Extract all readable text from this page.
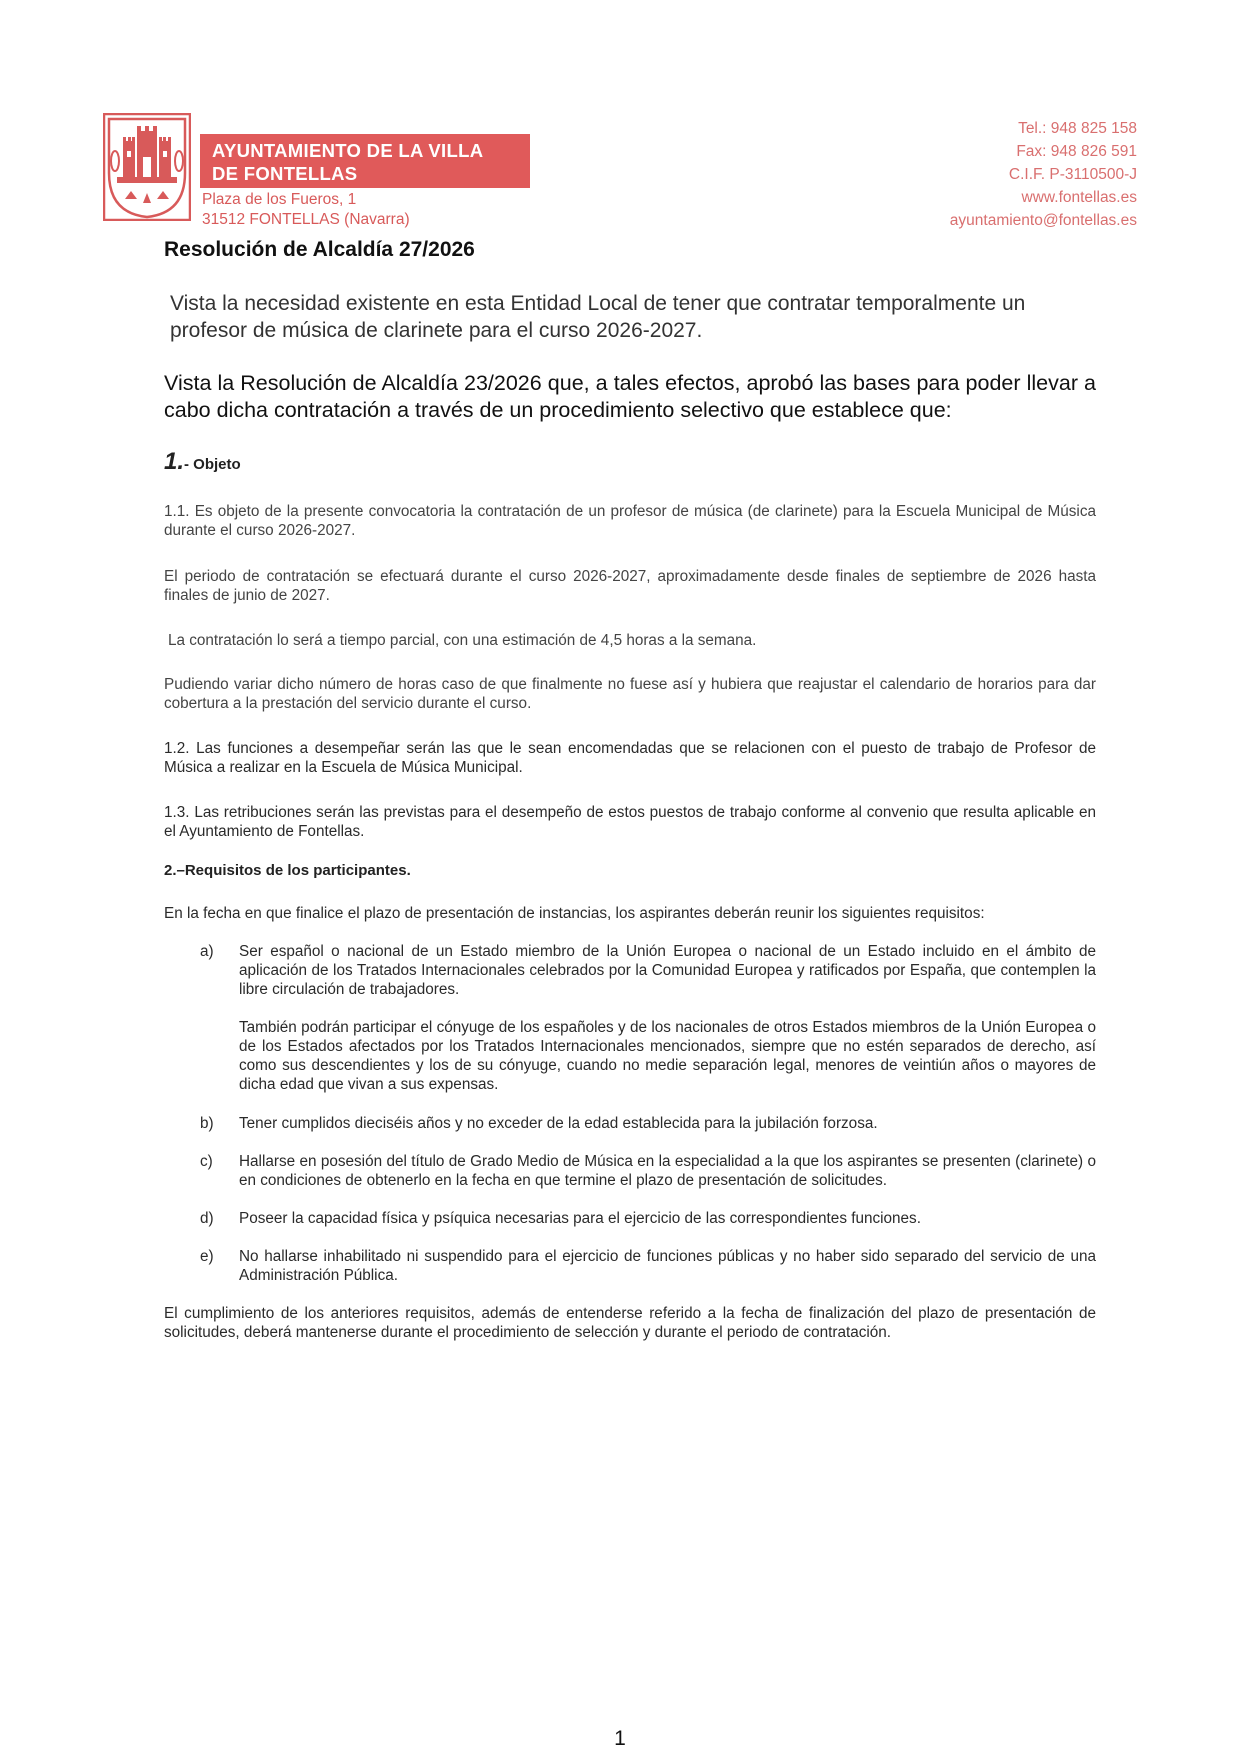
AYUNTAMIENTO DE LA VILLA
DE FONTELLAS
Plaza de los Fueros, 1
31512 FONTELLAS (Navarra)
Tel.: 948 825 158
Fax: 948 826 591
C.I.F. P-3110500-J
www.fontellas.es
ayuntamiento@fontellas.es
Resolución de Alcaldía 27/2026
Vista la necesidad existente en esta Entidad Local de tener que contratar temporalmente un profesor de música de clarinete para el curso 2026-2027.
Vista la Resolución de Alcaldía 23/2026 que, a tales efectos, aprobó las bases para poder llevar a cabo dicha contratación a través de un procedimiento selectivo que establece que:
1.- Objeto
1.1. Es objeto de la presente convocatoria la contratación de un profesor de música (de clarinete) para la Escuela Municipal de Música durante el curso 2026-2027.
El periodo de contratación se efectuará durante el curso 2026-2027, aproximadamente desde finales de septiembre de 2026 hasta finales de junio de 2027.
La contratación lo será a tiempo parcial, con una estimación de 4,5 horas a la semana.
Pudiendo variar dicho número de horas caso de que finalmente no fuese así y hubiera que reajustar el calendario de horarios para dar cobertura a la prestación del servicio durante el curso.
1.2. Las funciones a desempeñar serán las que le sean encomendadas que se relacionen con el puesto de trabajo de Profesor de Música a realizar en la Escuela de Música Municipal.
1.3. Las retribuciones serán las previstas para el desempeño de estos puestos de trabajo conforme al convenio que resulta aplicable en el Ayuntamiento de Fontellas.
2.–Requisitos de los participantes.
En la fecha en que finalice el plazo de presentación de instancias, los aspirantes deberán reunir los siguientes requisitos:
a) Ser español o nacional de un Estado miembro de la Unión Europea o nacional de un Estado incluido en el ámbito de aplicación de los Tratados Internacionales celebrados por la Comunidad Europea y ratificados por España, que contemplen la libre circulación de trabajadores.
También podrán participar el cónyuge de los españoles y de los nacionales de otros Estados miembros de la Unión Europea o de los Estados afectados por los Tratados Internacionales mencionados, siempre que no estén separados de derecho, así como sus descendientes y los de su cónyuge, cuando no medie separación legal, menores de veintiún años o mayores de dicha edad que vivan a sus expensas.
b) Tener cumplidos dieciséis años y no exceder de la edad establecida para la jubilación forzosa.
c) Hallarse en posesión del título de Grado Medio de Música en la especialidad a la que los aspirantes se presenten (clarinete) o en condiciones de obtenerlo en la fecha en que termine el plazo de presentación de solicitudes.
d) Poseer la capacidad física y psíquica necesarias para el ejercicio de las correspondientes funciones.
e) No hallarse inhabilitado ni suspendido para el ejercicio de funciones públicas y no haber sido separado del servicio de una Administración Pública.
El cumplimiento de los anteriores requisitos, además de entenderse referido a la fecha de finalización del plazo de presentación de solicitudes, deberá mantenerse durante el procedimiento de selección y durante el periodo de contratación.
1
